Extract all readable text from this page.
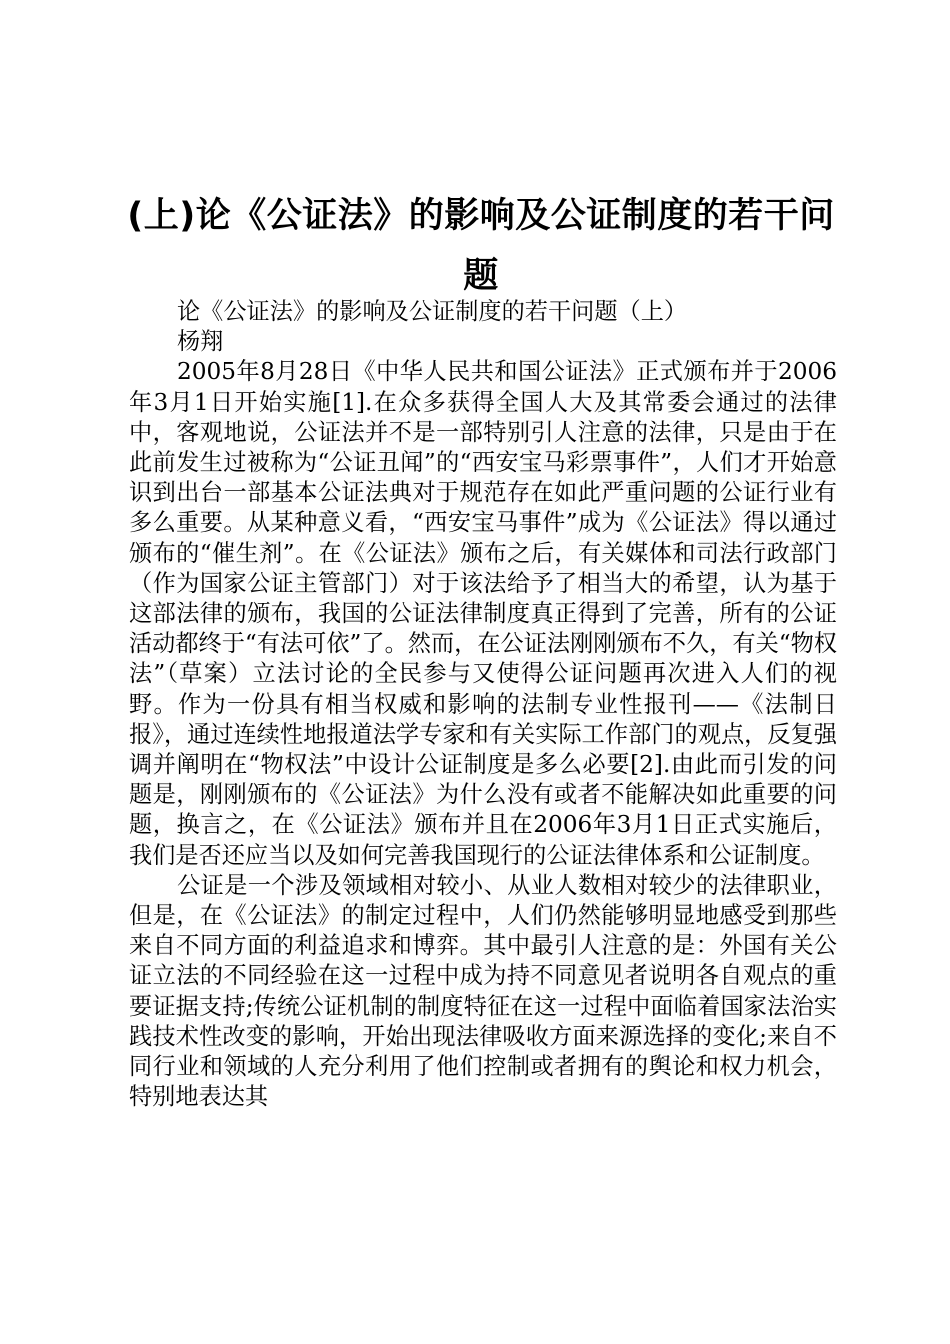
(上)论《公证法》的影响及公证制度的若干问题

论《公证法》的影响及公证制度的若干问题（上）

杨翔

2005年8月28日《中华人民共和国公证法》正式颁布并于2006年3月1日开始实施[1].在众多获得全国人大及其常委会通过的法律中，客观地说，公证法并不是一部特别引人注意的法律，只是由于在此前发生过被称为“公证丑闻”的“西安宝马彩票事件”，人们才开始意识到出台一部基本公证法典对于规范存在如此严重问题的公证行业有多么重要。从某种意义看，“西安宝马事件”成为《公证法》得以通过颁布的“催生剂”。在《公证法》颁布之后，有关媒体和司法行政部门（作为国家公证主管部门）对于该法给予了相当大的希望，认为基于这部法律的颁布，我国的公证法律制度真正得到了完善，所有的公证活动都终于“有法可依”了。然而，在公证法刚刚颁布不久，有关“物权法”（草案）立法讨论的全民参与又使得公证问题再次进入人们的视野。作为一份具有相当权威和影响的法制专业性报刊——《法制日报》，通过连续性地报道法学专家和有关实际工作部门的观点，反复强调并阐明在“物权法”中设计公证制度是多么必要[2].由此而引发的问题是，刚刚颁布的《公证法》为什么没有或者不能解决如此重要的问题，换言之，在《公证法》颁布并且在2006年3月1日正式实施后，我们是否还应当以及如何完善我国现行的公证法律体系和公证制度。

公证是一个涉及领域相对较小、从业人数相对较少的法律职业，但是，在《公证法》的制定过程中，人们仍然能够明显地感受到那些来自不同方面的利益追求和博弈。其中最引人注意的是：外国有关公证立法的不同经验在这一过程中成为持不同意见者说明各自观点的重要证据支持;传统公证机制的制度特征在这一过程中面临着国家法治实践技术性改变的影响，开始出现法律吸收方面来源选择的变化;来自不同行业和领域的人充分利用了他们控制或者拥有的舆论和权力机会，特别地表达其
